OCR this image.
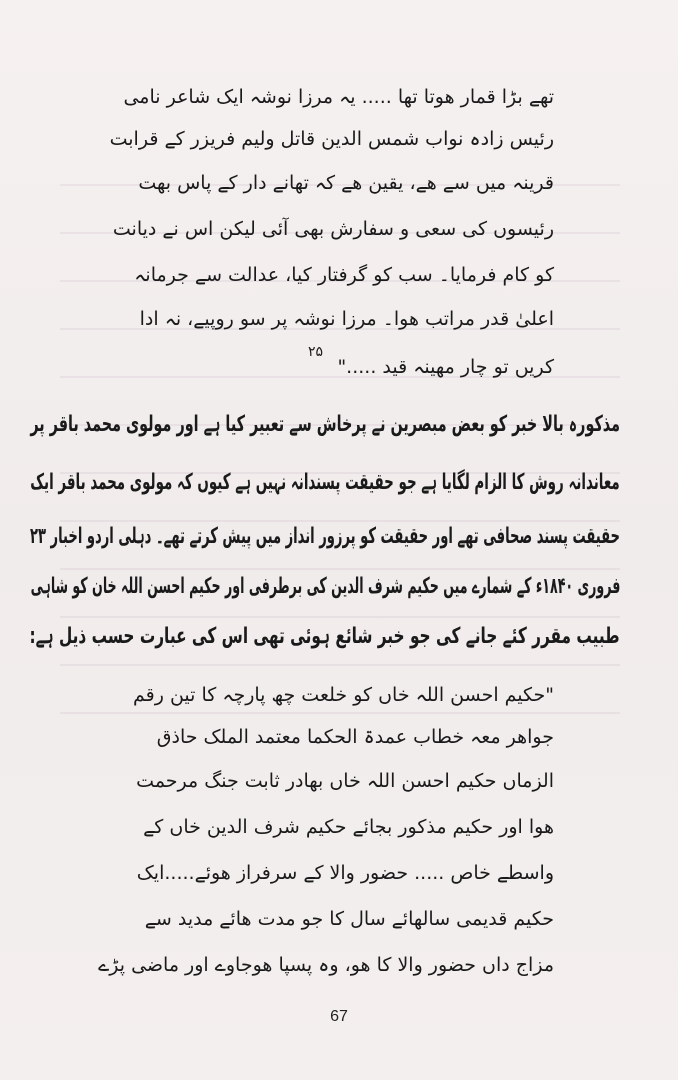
تھے بڑا قمار ھوتا تھا ..... یہ مرزا نوشہ ایک شاعر نامی
رئیس زادہ نواب شمس الدین قاتل ولیم فریزر کے قرابت
قرینہ میں سے ھے، یقین ھے کہ تھانے دار کے پاس بھت
رئیسوں کی سعی و سفارش بھی آئی لیکن اس نے دیانت
کو کام فرمایا۔ سب کو گرفتار کیا، عدالت سے جرمانہ
اعلیٰ قدر مراتب ھوا۔ مرزا نوشہ پر سو روپیے، نہ ادا
۲۵
کریں تو چار مھینہ قید ....."
مذکورہ بالا خبر کو بعض مبصرین نے پرخاش سے تعبیر کیا ہے اور مولوی محمد باقر پر
معاندانہ روش کا الزام لگایا ہے جو حقیقت پسندانہ نہیں ہے کیوں کہ مولوی محمد باقر ایک
حقیقت پسند صحافی تھے اور حقیقت کو پرزور انداز میں پیش کرتے تھے۔ دہلی اردو اخبار ۲۳
فروری ۱۸۴۰ء کے شمارے میں حکیم شرف الدین کی برطرفی اور حکیم احسن اللہ خان کو شاہی
طبیب مقرر کئے جانے کی جو خبر شائع ہوئی تھی اس کی عبارت حسب ذیل ہے:
"حکیم احسن اللہ خاں کو خلعت چھ پارچہ کا تین رقم
جواھر معہ خطاب عمدۃ الحکما معتمد الملک حاذق
الزماں حکیم احسن اللہ خاں بھادر ثابت جنگ مرحمت
ھوا اور حکیم مذکور بجائے حکیم شرف الدین خاں کے
واسطے خاص ..... حضور والا کے سرفراز ھوئے.....ایک
حکیم قدیمی سالھائے سال کا جو مدت ھائے مدید سے
مزاج داں حضور والا کا ھو، وہ پسپا ھوجاوے اور ماضی پڑے
67
